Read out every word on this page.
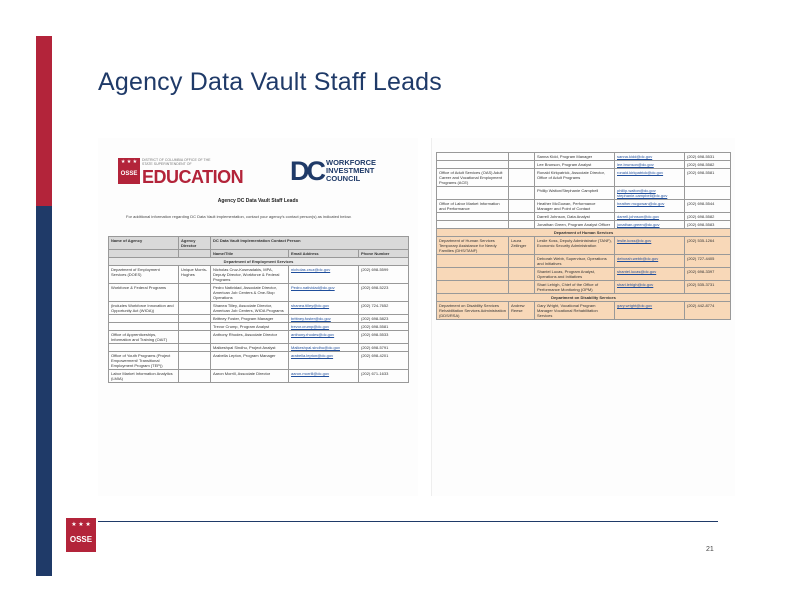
Agency Data Vault Staff Leads
★ ★ ★
OSSE
DISTRICT OF COLUMBIA OFFICE OF THE STATE SUPERINTENDENT OF
EDUCATION DC WORKFORCE
INVESTMENT
COUNCIL
Agency DC Data Vault Staff Leads
For additional information regarding DC Data Vault implementation, contact your agency's contact person(s) as indicated below.
Name of Agency	Agency Director	DC Data Vault Implementation Contact Person		
		Name/Title	Email Address	Phone Number
Department of Employment Services				
Department of Employment Services (DOES)	Unique Morris-Hughes	Nicholas Cruz-Kosmadakis, MPA, Deputy Director, Workforce & Federal Programs	nicholas.cruz@dc.gov	(202) 698-5599
Workforce & Federal Programs		Pedro Natividad, Associate Director, American Job Centers & One-Stop Operations	Pedro.natividad@dc.gov	(202) 698-5223
(includes Workforce Innovation and Opportunity Act (WIOA))		Shanea Tilley, Associate Director, American Job Centers, WIOA Programs	shanea.tilley@dc.gov	(202) 724-7652
		Brittney Foster, Program Manager	brittney.foster@dc.gov	(202) 698-5823
		Trevor Crump, Program Analyst	trevor.crump@dc.gov	(202) 698-5581
Office of Apprenticeships, Information and Training (OAIT)		Anthony Rhodes, Associate Director	anthony.rhodes@dc.gov	(202) 698-5533
		Malkeshpal Sindhu, Project Analyst	Malkeshpal.sindhu@dc.gov	(202) 698-5791
Office of Youth Programs (Project Empowerment/ Transitional Employment Program (TEP))		Arabella Lepton, Program Manager	arabella.lepton@dc.gov	(202) 698-4201
Labor Market Information Analytics (LMIA)		Aaron Morrill, Associate Director	aaron.morrill@dc.gov	(202) 671-1633
		Sanna Kidd, Program Manager	sanna.kidd@dc.gov	(202) 698-5531
		Lee Brunson, Program Analyst	lee.brunson@dc.gov	(202) 698-5582
Office of Adult Services (OAS) Adult Career and Vocational Employment Programs (ACE)		Ronald Kirkpatrick, Associate Director, Office of Adult Programs	ronald.kirkpatrick@dc.gov	(202) 698-5581
		Phillip Walton/Stephanie Campbell	phillip.walton@dc.gov stephanie.campbell@dc.gov	
Office of Labor Market Information and Performance		Heather McGowan, Performance Manager and Point of Contact	heather.mcgowan@dc.gov	(202) 698-5544
		Darrell Johnson, Data Analyst	darrell.johnson@dc.gov	(202) 698-5582
		Jonathan Green, Program Analyst Officer	jonathan.green@dc.gov	(202) 698-5583
Department of Human Services				
Department of Human Services Temporary Assistance for Needy Families (DHS/TANF)	Laura Zeilinger	Leslie Koss, Deputy Administrator (TANF), Economic Security Administration	leslie.koss@dc.gov	(202) 535-1264
		Deborah Webb, Supervisor, Operations and Initiatives	deborah.webb@dc.gov	(202) 727-4405
		Shantel Lucas, Program Analyst, Operations and Initiatives	shantel.lucas@dc.gov	(202) 698-3397
		Shari Lehigh, Chief of the Office of Performance Monitoring (OPM)	shari.lehigh@dc.gov	(202) 535-3731
Department on Disability Services				
Department on Disability Services Rehabilitation Services Administration (DDS/RSA)	Andrew Reese	Gary Wright, Vocational Program Manager Vocational Rehabilitation Services	gary.wright@dc.gov	(202) 442-8774
★ ★ ★
OSSE
21
